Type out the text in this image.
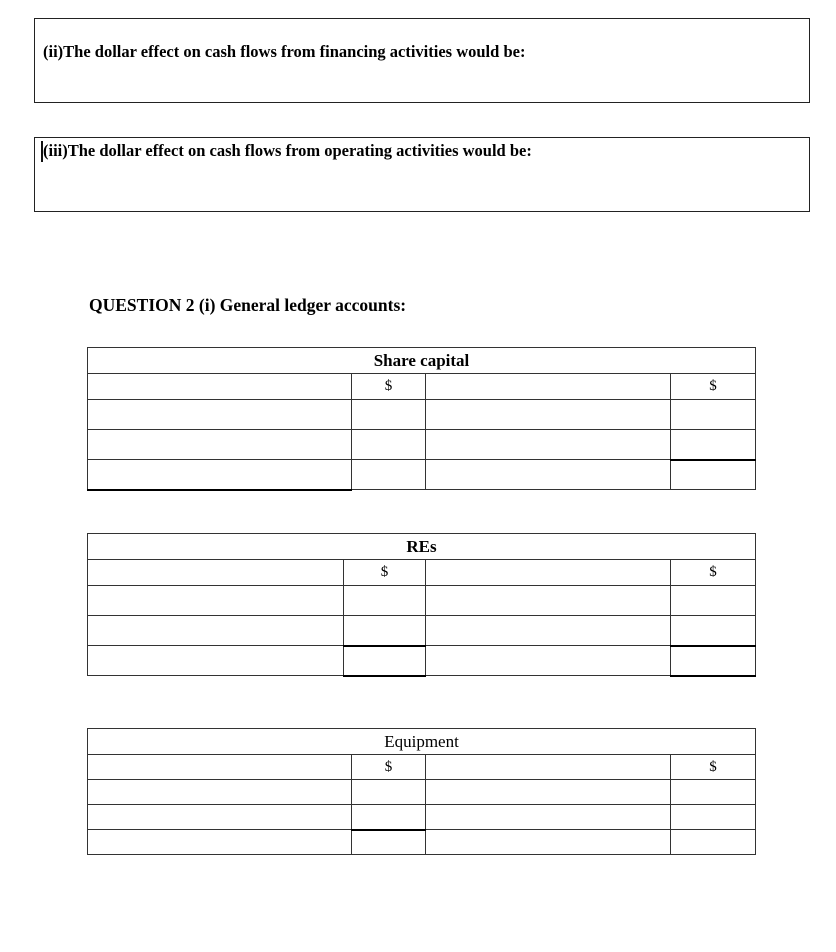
(ii)The dollar effect on cash flows from financing activities would be:
(iii)The dollar effect on cash flows from operating activities would be:
QUESTION 2 (i) General ledger accounts:
Share capital			
	$		$

REs			
	$		$

Equipment			
	$		$
